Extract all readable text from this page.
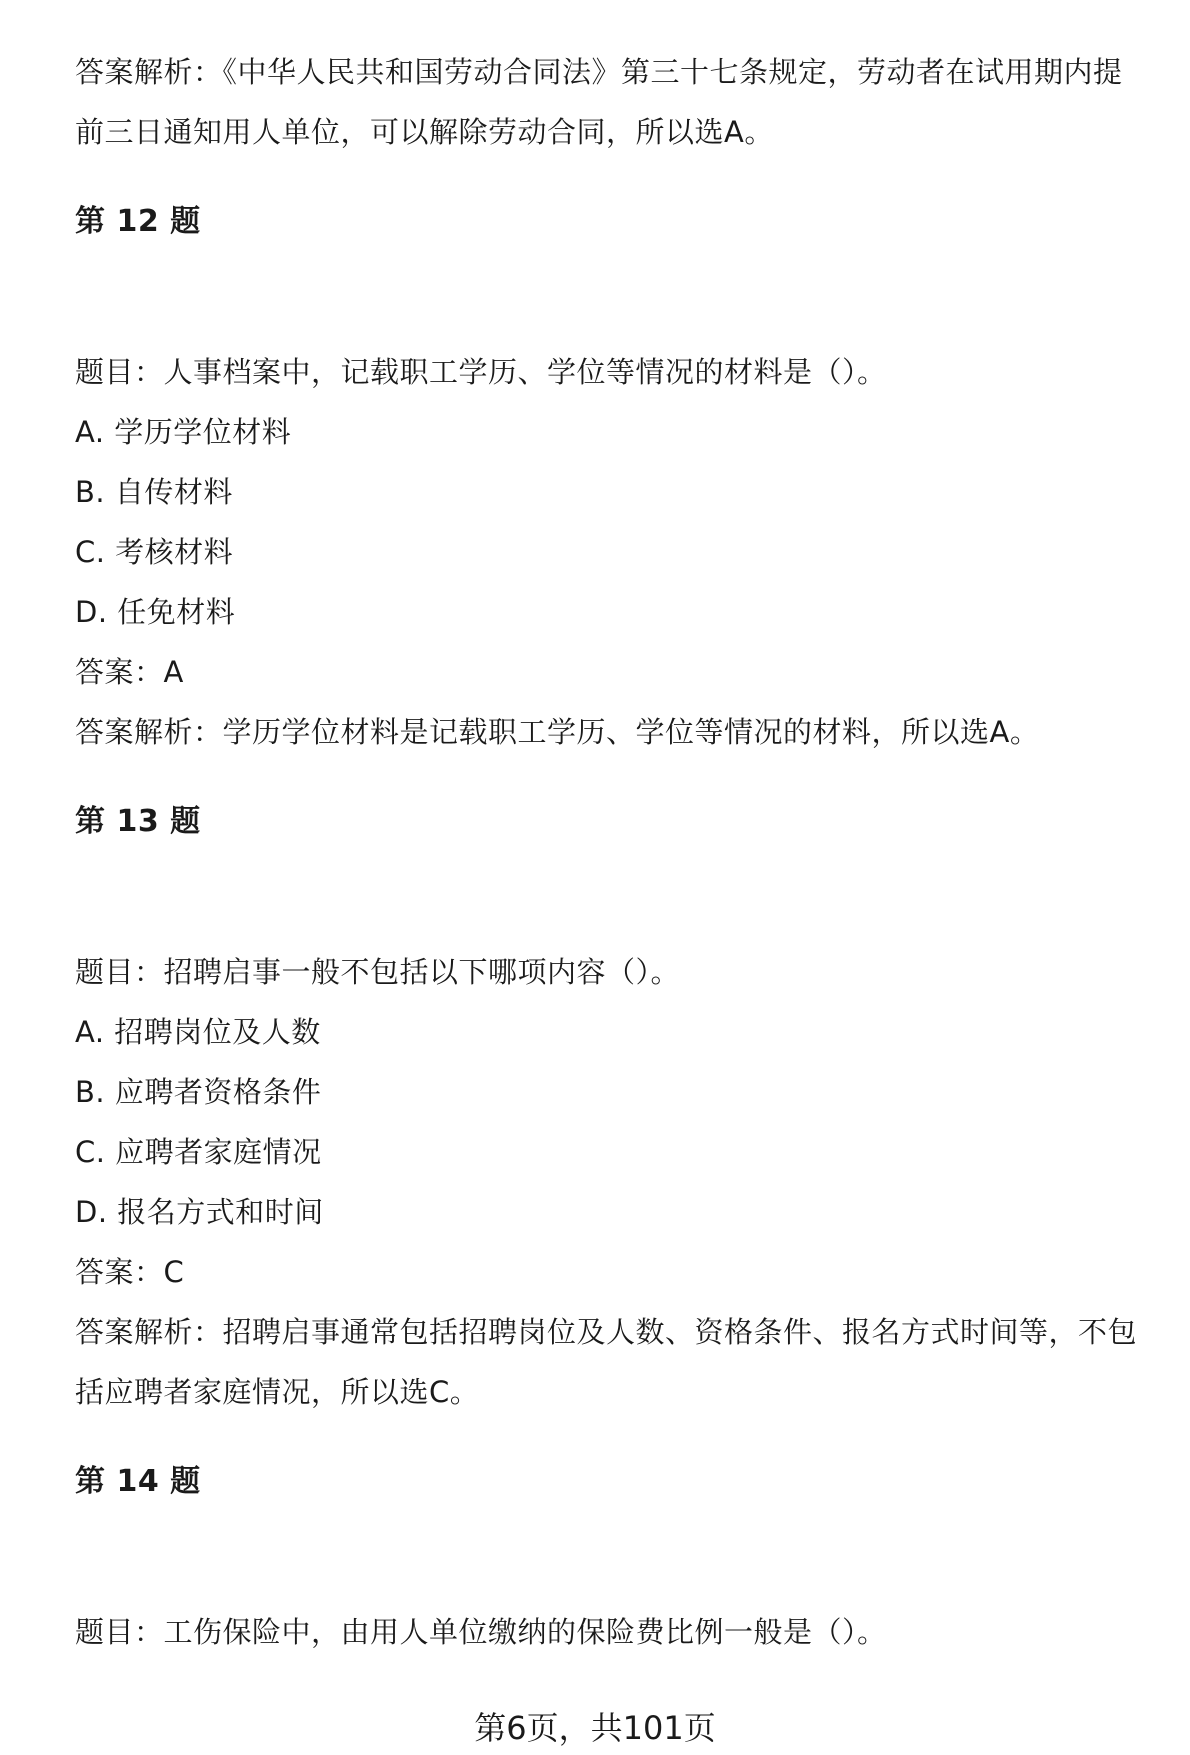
答案解析：《中华人民共和国劳动合同法》第三十七条规定，劳动者在试用期内提
前三日通知用人单位，可以解除劳动合同，所以选A。
第 12 题
题目：人事档案中，记载职工学历、学位等情况的材料是（）。
A. 学历学位材料
B. 自传材料
C. 考核材料
D. 任免材料
答案：A
答案解析：学历学位材料是记载职工学历、学位等情况的材料，所以选A。
第 13 题
题目：招聘启事一般不包括以下哪项内容（）。
A. 招聘岗位及人数
B. 应聘者资格条件
C. 应聘者家庭情况
D. 报名方式和时间
答案：C
答案解析：招聘启事通常包括招聘岗位及人数、资格条件、报名方式时间等，不包
括应聘者家庭情况，所以选C。
第 14 题
题目：工伤保险中，由用人单位缴纳的保险费比例一般是（）。
第6页，共101页
